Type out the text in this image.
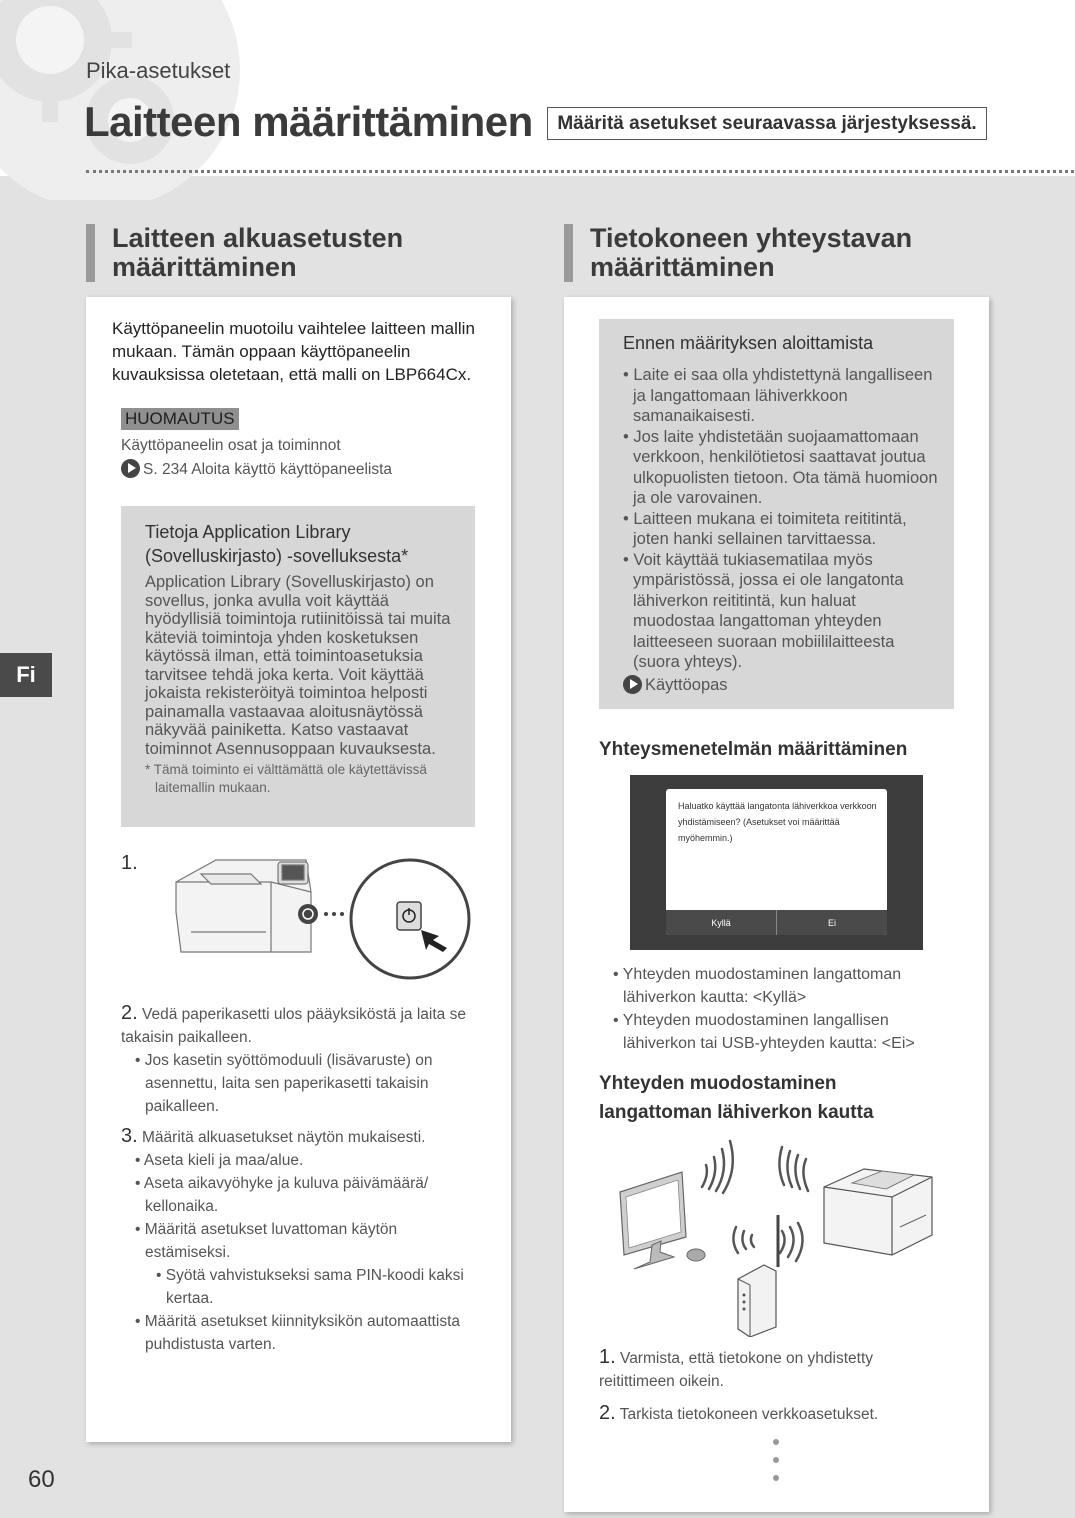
Pika-asetukset
Laitteen määrittäminen	Määritä asetukset seuraavassa järjestyksessä.
Fi
60
Laitteen alkuasetusten
määrittäminen
Käyttöpaneelin muotoilu vaihtelee laitteen mallin mukaan. Tämän oppaan käyttöpaneelin kuvauksissa oletetaan, että malli on LBP664Cx.
HUOMAUTUS
Käyttöpaneelin osat ja toiminnot
S. 234 Aloita käyttö käyttöpaneelista
Tietoja Application Library
(Sovelluskirjasto) -sovelluksesta*
Application Library (Sovelluskirjasto) on sovellus, jonka avulla voit käyttää hyödyllisiä toimintoja rutiinitöissä tai muita käteviä toimintoja yhden kosketuksen käytössä ilman, että toimintoasetuksia tarvitsee tehdä joka kerta. Voit käyttää jokaista rekisteröityä toimintoa helposti painamalla vastaavaa aloitusnäytössä näkyvää painiketta. Katso vastaavat toiminnot Asennusoppaan kuvauksesta.
* Tämä toiminto ei välttämättä ole käytettävissä laitemallin mukaan.
1.
2. Vedä paperikasetti ulos pääyksiköstä ja laita se takaisin paikalleen.
• Jos kasetin syöttömoduuli (lisävaruste) on asennettu, laita sen paperikasetti takaisin paikalleen.
3. Määritä alkuasetukset näytön mukaisesti.
• Aseta kieli ja maa/alue.
• Aseta aikavyöhyke ja kuluva päivämäärä/ kellonaika.
• Määritä asetukset luvattoman käytön estämiseksi.
• Syötä vahvistukseksi sama PIN-koodi kaksi kertaa.
• Määritä asetukset kiinnityksikön automaattista puhdistusta varten.
Tietokoneen yhteystavan
määrittäminen
Ennen määrityksen aloittamista
• Laite ei saa olla yhdistettynä langalliseen ja langattomaan lähiverkkoon samanaikaisesti.
• Jos laite yhdistetään suojaamattomaan verkkoon, henkilötietosi saattavat joutua ulkopuolisten tietoon. Ota tämä huomioon ja ole varovainen.
• Laitteen mukana ei toimiteta reititintä, joten hanki sellainen tarvittaessa.
• Voit käyttää tukiasematilaa myös ympäristössä, jossa ei ole langatonta lähiverkon reititintä, kun haluat muodostaa langattoman yhteyden laitteeseen suoraan mobiililaitteesta (suora yhteys).
Käyttöopas
Yhteysmenetelmän määrittäminen
Haluatko käyttää langatonta lähiverkkoa verkkoon
yhdistämiseen? (Asetukset voi määrittää myöhemmin.)
Kyllä	Ei
• Yhteyden muodostaminen langattoman lähiverkon kautta: <Kyllä>
• Yhteyden muodostaminen langallisen lähiverkon tai USB-yhteyden kautta: <Ei>
Yhteyden muodostaminen
langattoman lähiverkon kautta
1. Varmista, että tietokone on yhdistetty reitittimeen oikein.
2. Tarkista tietokoneen verkkoasetukset.
